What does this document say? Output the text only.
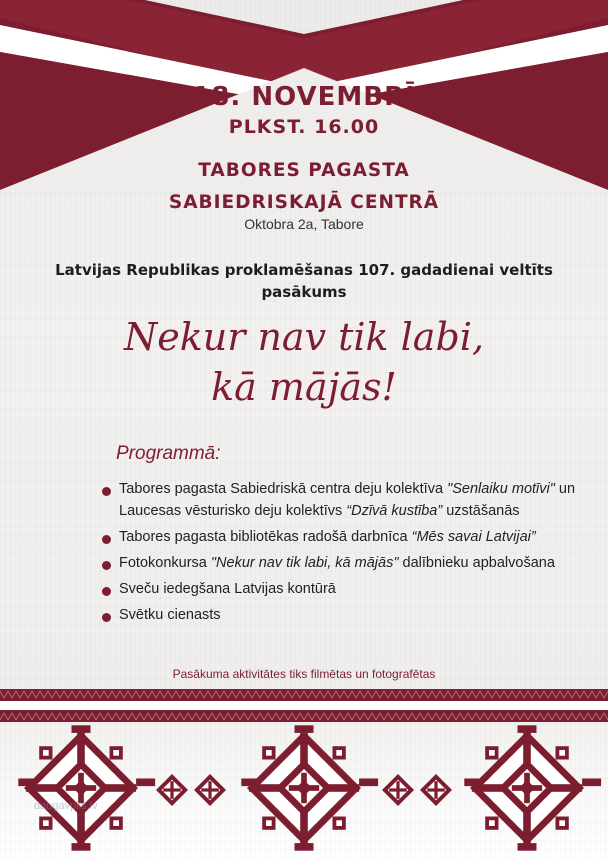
18. NOVEMBRĪ
PLKST. 16.00
TABORES PAGASTA
SABIEDRISKAJĀ CENTRĀ
Oktobra 2a, Tabore
Latvijas Republikas proklamēšanas 107. gadadienai veltīts pasākums
Nekur nav tik labi,
kā mājās!
Programmā:
Tabores pagasta Sabiedriskā centra deju kolektīva "Senlaiku motīvi" un Laucesas vēsturisko deju kolektīvs “Dzīvā kustība” uzstāšanās
Tabores pagasta bibliotēkas radošā darbnīca “Mēs savai Latvijai”
Fotokonkursa "Nekur nav tik labi, kā mājās" dalībnieku apbalvošana
Sveču iedegšana Latvijas kontūrā
Svētku cienasts
Pasākuma aktivitātes tiks filmētas un fotografētas
daugavpils.lv
